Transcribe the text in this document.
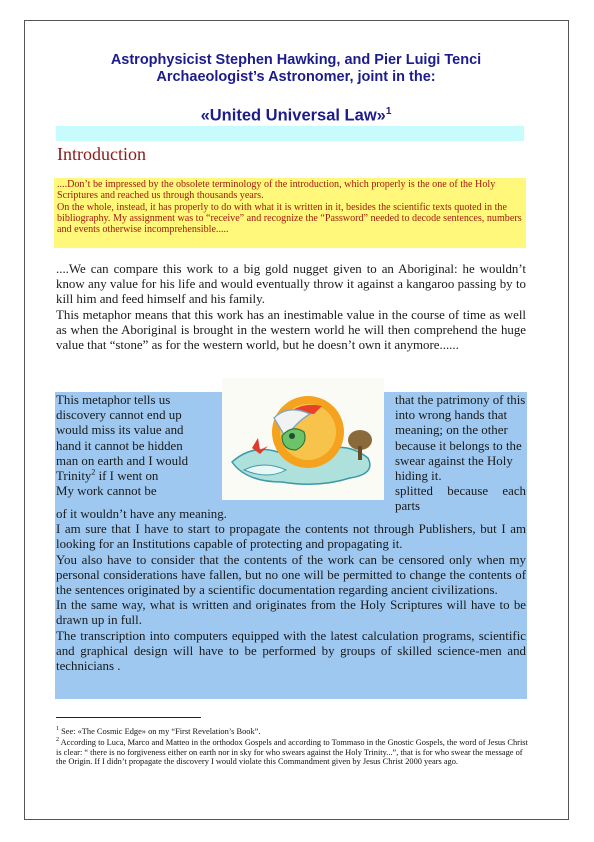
Astrophysicist Stephen Hawking, and Pier Luigi Tenci
Archaeologist’s Astronomer, joint in the:
«United Universal Law»$^1$
Introduction

....Don’t be impressed by the obsolete terminology of the introduction, which properly is the one of the Holy Scriptures and reached us through thousands years.

On the whole, instead, it has properly to do with what it is written in it, besides the scientific texts quoted in the bibliography. My assignment was to “receive” and recognize the “Password” needed to decode sentences, numbers and events otherwise incomprehensible.....

....We can compare this work to a big gold nugget given to an Aboriginal: he wouldn’t know any value for his life and would eventually throw it against a kangaroo passing by to kill him and feed himself and his family.

This metaphor means that this work has an inestimable value in the course of time as well as when the Aboriginal is brought in the western world he will then comprehend the huge value that “stone” as for the western world, but he doesn’t own it anymore......

This metaphor tells us

discovery cannot end up

would miss its value and

hand it cannot be hidden

man on earth and I would

Trinity$^2$ if I went on

My work cannot be

that the patrimony of this

into wrong hands that

meaning; on the other

because it belongs to the

swear against the Holy

hiding it.

splitted because each parts

of it wouldn’t have any meaning.

I am sure that I have to start to propagate the contents not through Publishers, but I am looking for an Institutions capable of protecting and propagating it.

You also have to consider that the contents of the work can be censored only when my personal considerations have fallen, but no one will be permitted to change the contents of the sentences originated by a scientific documentation regarding ancient civilizations.

In the same way, what is written and originates from the Holy Scriptures will have to be drawn up in full.

The transcription into computers equipped with the latest calculation programs, scientific and graphical design will have to be performed by groups of skilled science-men and technicians .

$^1$ See: «The Cosmic Edge» on my “First Revelation’s Book”.

$^2$ According to Luca, Marco and Matteo in the orthodox Gospels and according to Tommaso in the Gnostic Gospels, the word of Jesus Christ is clear: “ there is no forgiveness either on earth nor in sky for who swears against the Holy Trinity...”, that is for who swear the message of the Origin. If I didn’t propagate the discovery I would violate this Commandment given by Jesus Christ 2000 years ago.
